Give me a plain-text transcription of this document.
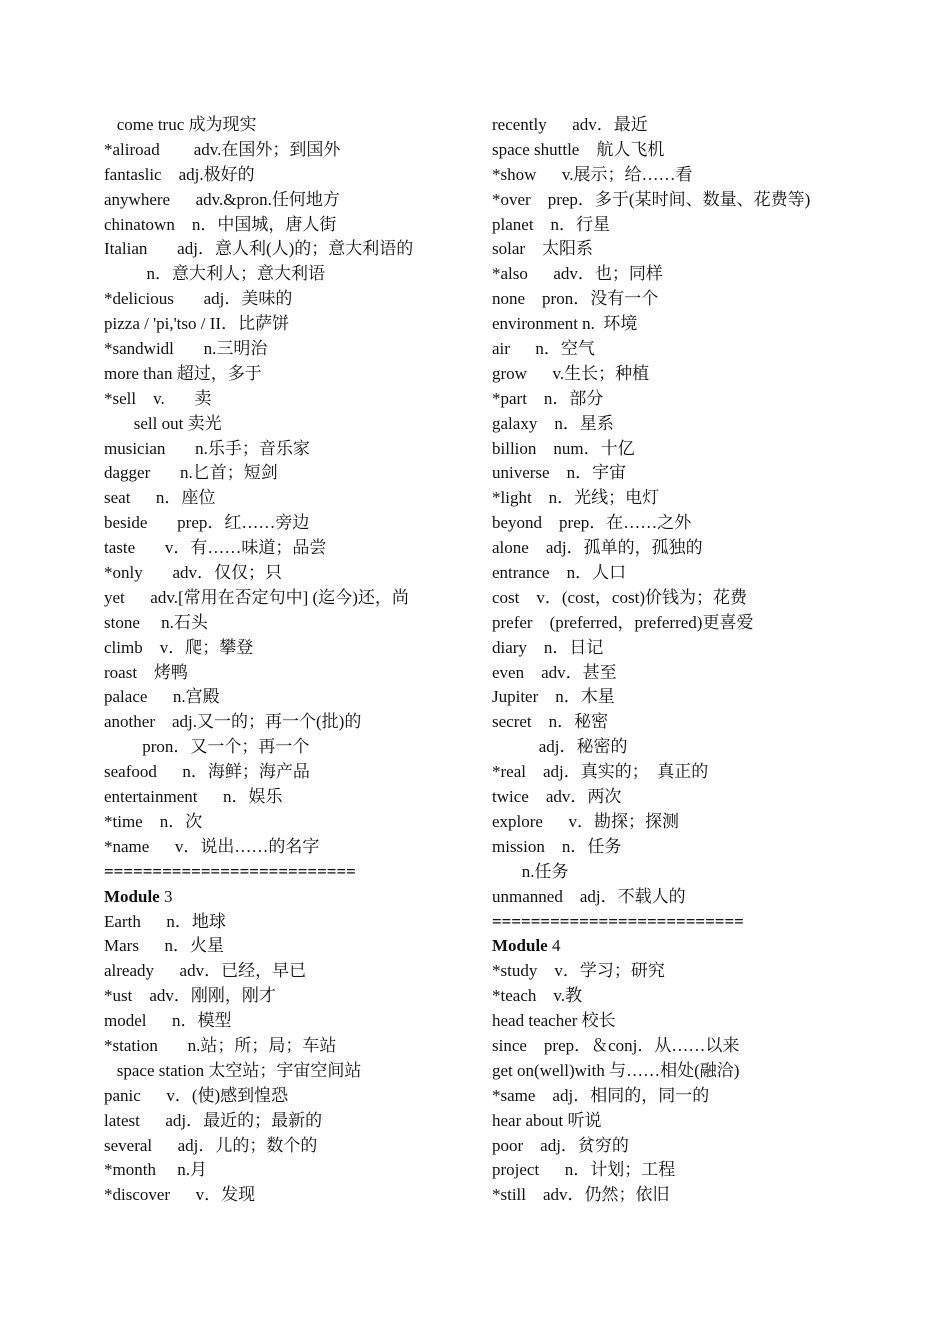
come truc 成为现实
*aliroad        adv.在国外；到国外
fantaslic    adj.极好的
anywhere      adv.&pron.任何地方
chinatown    n．中国城，唐人街
Italian       adj．意人利(人)的；意大利语的
n．意大利人；意大利语
*delicious       adj．美味的
pizza / 'pi,'tso / II．比萨饼
*sandwidl       n.三明治
more than 超过，多于
*sell    v.       卖
sell out 卖光
musician       n.乐手；音乐家
dagger       n.匕首；短剑
seat      n．座位
beside       prep．红……旁边
taste       v．有……味道；品尝
*only       adv．仅仅；只
yet      adv.[常用在否定句中] (迄今)还，尚
stone     n.石头
climb    v．爬；攀登
roast    烤鸭
palace      n.宫殿
another    adj.又一的；再一个(批)的
pron．又一个；再一个
seafood      n．海鲜；海产品
entertainment      n．娱乐
*time    n．次
*name      v．说出……的名字
==========================
Module 3
Earth      n．地球
Mars      n．火星
already      adv．已经，早已
*ust    adv．刚刚，刚才
model      n．模型
*station       n.站；所；局；车站
space station 太空站；宇宙空间站
panic      v．(使)感到惶恐
latest      adj．最近的；最新的
several      adj．儿的；数个的
*month     n.月
*discover      v．发现
recently      adv．最近
space shuttle    航人飞机
*show      v.展示；给……看
*over    prep．多于(某时间、数量、花费等)
planet    n．行星
solar    太阳系
*also      adv．也；同样
none    pron．没有一个
environment n.  环境
air      n．空气
grow      v.生长；种植
*part    n．部分
galaxy    n．星系
billion    num．十亿
universe    n．宇宙
*light    n．光线；电灯
beyond    prep．在……之外
alone    adj．孤单的，孤独的
entrance    n．人口
cost    v．(cost，cost)价钱为；花费
prefer    (preferred，preferred)更喜爱
diary    n．日记
even    adv．甚至
Jupiter    n．木星
secret    n．秘密
adj．秘密的
*real    adj．真实的；  真正的
twice    adv．两次
explore      v．勘探；探测
mission    n．任务
n.任务
unmanned    adj．不载人的
==========================
Module 4
*study    v．学习；研究
*teach    v.教
head teacher 校长
since    prep．＆conj．从……以来
get on(well)with 与……相处(融洽)
*same    adj．相同的，同一的
hear about 听说
poor    adj．贫穷的
project      n．计划；工程
*still    adv．仍然；依旧
